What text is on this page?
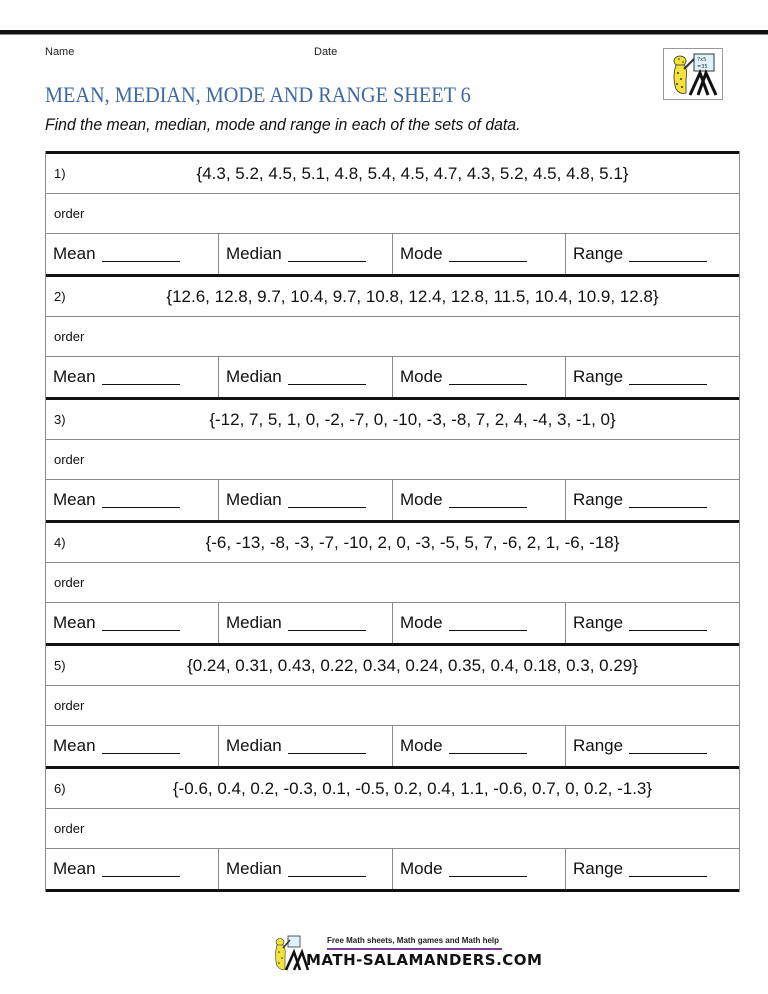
Name	Date
7x5
=35
MEAN, MEDIAN, MODE AND RANGE SHEET 6
Find the mean, median, mode and range in each of the sets of data.
1)	{4.3, 5.2, 4.5, 5.1, 4.8, 5.4, 4.5, 4.7, 4.3, 5.2, 4.5, 4.8, 5.1}
order
Mean	Median	Mode	Range
2)	{12.6, 12.8, 9.7, 10.4, 9.7, 10.8, 12.4, 12.8, 11.5, 10.4, 10.9, 12.8}
order
Mean	Median	Mode	Range
3)	{-12, 7, 5, 1, 0, -2, -7, 0, -10, -3, -8, 7, 2, 4, -4, 3, -1, 0}
order
Mean	Median	Mode	Range
4)	{-6, -13, -8, -3, -7, -10, 2, 0, -3, -5, 5, 7, -6, 2, 1, -6, -18}
order
Mean	Median	Mode	Range
5)	{0.24, 0.31, 0.43, 0.22, 0.34, 0.24, 0.35, 0.4, 0.18, 0.3, 0.29}
order
Mean	Median	Mode	Range
6)	{-0.6, 0.4, 0.2, -0.3, 0.1, -0.5, 0.2, 0.4, 1.1, -0.6, 0.7, 0, 0.2, -1.3}
order
Mean	Median	Mode	Range
Free Math sheets, Math games and Math help
MATH-SALAMANDERS.COM
